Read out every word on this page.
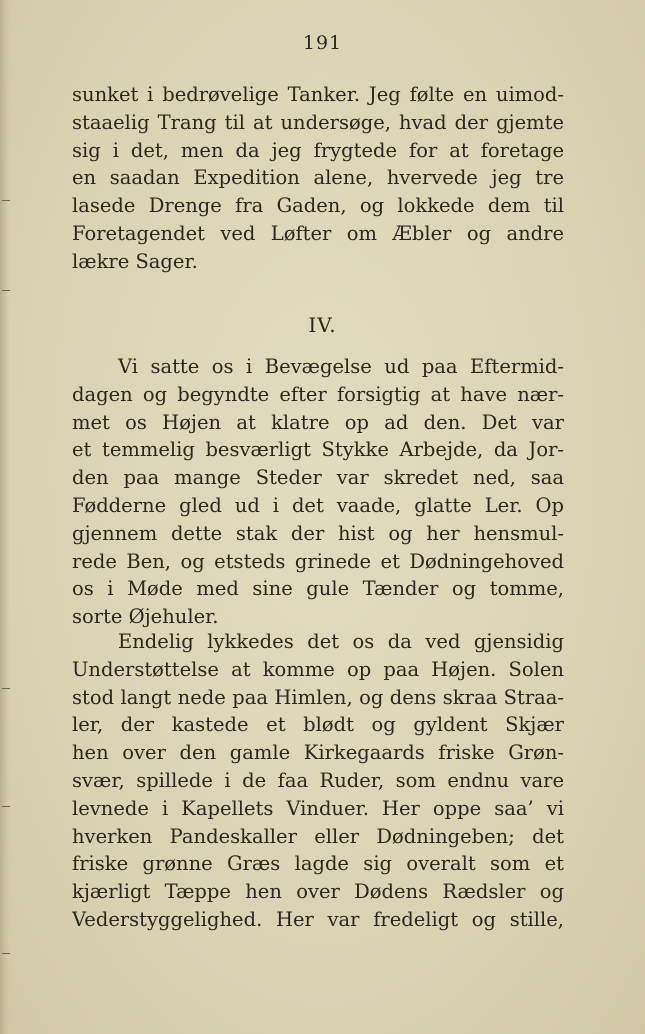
191
sunket i bedrøvelige Tanker. Jeg følte en uimod-
staaelig Trang til at undersøge, hvad der gjemte
sig i det, men da jeg frygtede for at foretage
en saadan Expedition alene, hvervede jeg tre
lasede Drenge fra Gaden, og lokkede dem til
Foretagendet ved Løfter om Æbler og andre
lækre Sager.
IV.
Vi satte os i Bevægelse ud paa Eftermid-
dagen og begyndte efter forsigtig at have nær-
met os Højen at klatre op ad den. Det var
et temmelig besværligt Stykke Arbejde, da Jor-
den paa mange Steder var skredet ned, saa
Fødderne gled ud i det vaade, glatte Ler. Op
gjennem dette stak der hist og her hensmul-
rede Ben, og etsteds grinede et Dødningehoved
os i Møde med sine gule Tænder og tomme,
sorte Øjehuler.
Endelig lykkedes det os da ved gjensidig
Understøttelse at komme op paa Højen. Solen
stod langt nede paa Himlen, og dens skraa Straa-
ler, der kastede et blødt og gyldent Skjær
hen over den gamle Kirkegaards friske Grøn-
svær, spillede i de faa Ruder, som endnu vare
levnede i Kapellets Vinduer. Her oppe saa’ vi
hverken Pandeskaller eller Dødningeben; det
friske grønne Græs lagde sig overalt som et
kjærligt Tæppe hen over Dødens Rædsler og
Vederstyggelighed. Her var fredeligt og stille,
